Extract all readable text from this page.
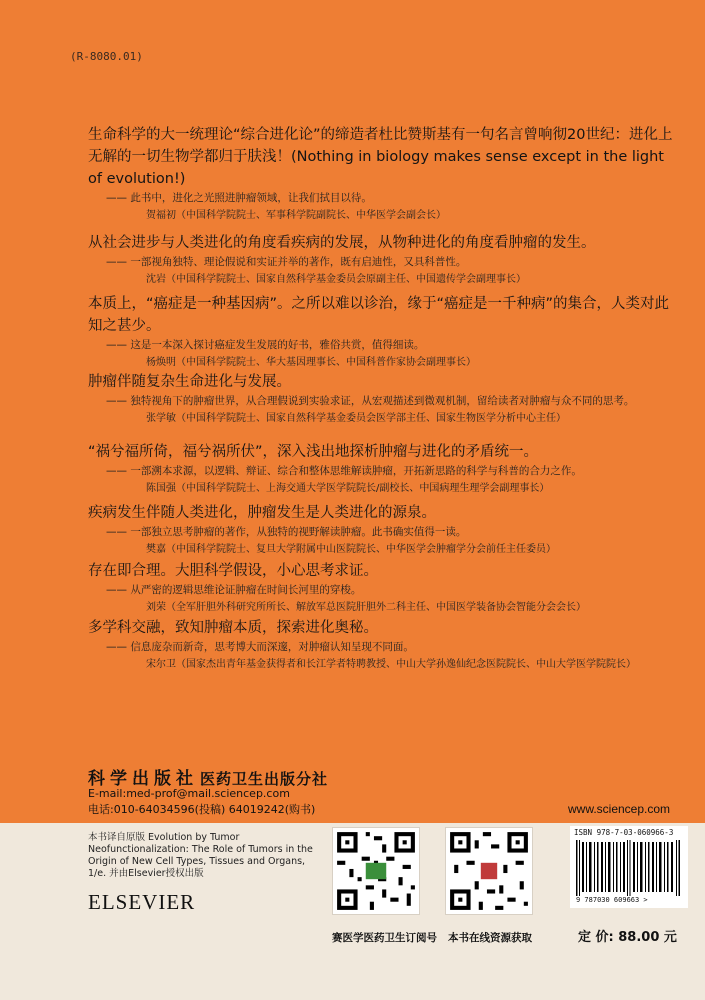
(R-8080.01)
生命科学的大一统理论“综合进化论”的缔造者杜比赞斯基有一句名言曾响彻20世纪：进化上无解的一切生物学都归于肤浅！(Nothing in biology makes sense except in the light of evolution!)
—— 此书中，进化之光照进肿瘤领域，让我们拭目以待。
贺福初（中国科学院院士、军事科学院副院长、中华医学会副会长）
从社会进步与人类进化的角度看疾病的发展，从物种进化的角度看肿瘤的发生。
—— 一部视角独特、理论假说和实证并举的著作，既有启迪性，又具科普性。
沈岩（中国科学院院士、国家自然科学基金委员会原副主任、中国遗传学会副理事长）
本质上，“癌症是一种基因病”。之所以难以诊治，缘于“癌症是一千种病”的集合，人类对此知之甚少。
—— 这是一本深入探讨癌症发生发展的好书，雅俗共赏，值得细读。
杨焕明（中国科学院院士、华大基因理事长、中国科普作家协会副理事长）
肿瘤伴随复杂生命进化与发展。
—— 独特视角下的肿瘤世界，从合理假说到实验求证，从宏观描述到微观机制，留给读者对肿瘤与众不同的思考。
张学敏（中国科学院院士、国家自然科学基金委员会医学部主任、国家生物医学分析中心主任）
“祸兮福所倚，福兮祸所伏”，深入浅出地探析肿瘤与进化的矛盾统一。
—— 一部溯本求源，以逻辑、辩证、综合和整体思维解读肿瘤，开拓新思路的科学与科普的合力之作。
陈国强（中国科学院院士、上海交通大学医学院院长/副校长、中国病理生理学会副理事长）
疾病发生伴随人类进化，肿瘤发生是人类进化的源泉。
—— 一部独立思考肿瘤的著作，从独特的视野解读肿瘤。此书确实值得一读。
樊嘉（中国科学院院士、复旦大学附属中山医院院长、中华医学会肿瘤学分会前任主任委员）
存在即合理。大胆科学假设，小心思考求证。
—— 从严密的逻辑思维论证肿瘤在时间长河里的穿梭。
刘荣（全军肝胆外科研究所所长、解放军总医院肝胆外二科主任、中国医学装备协会智能分会会长）
多学科交融，致知肿瘤本质，探索进化奥秘。
—— 信息庞杂而新奇，思考博大而深邃，对肿瘤认知呈现不同面。
宋尔卫（国家杰出青年基金获得者和长江学者特聘教授、中山大学孙逸仙纪念医院院长、中山大学医学院院长）
科学出版社 医药卫生出版分社
E-mail:med-prof@mail.sciencep.com
电话:010-64034596(投稿) 64019242(购书)	www.sciencep.com
本书译自原版 Evolution by Tumor Neofunctionalization: The Role of Tumors in the Origin of New Cell Types, Tissues and Organs, 1/e. 并由Elsevier授权出版
ELSEVIER
赛医学医药卫生订阅号 本书在线资源获取
ISBN 978-7-03-060966-3
9 787030 609663 >
定 价: 88.00 元
